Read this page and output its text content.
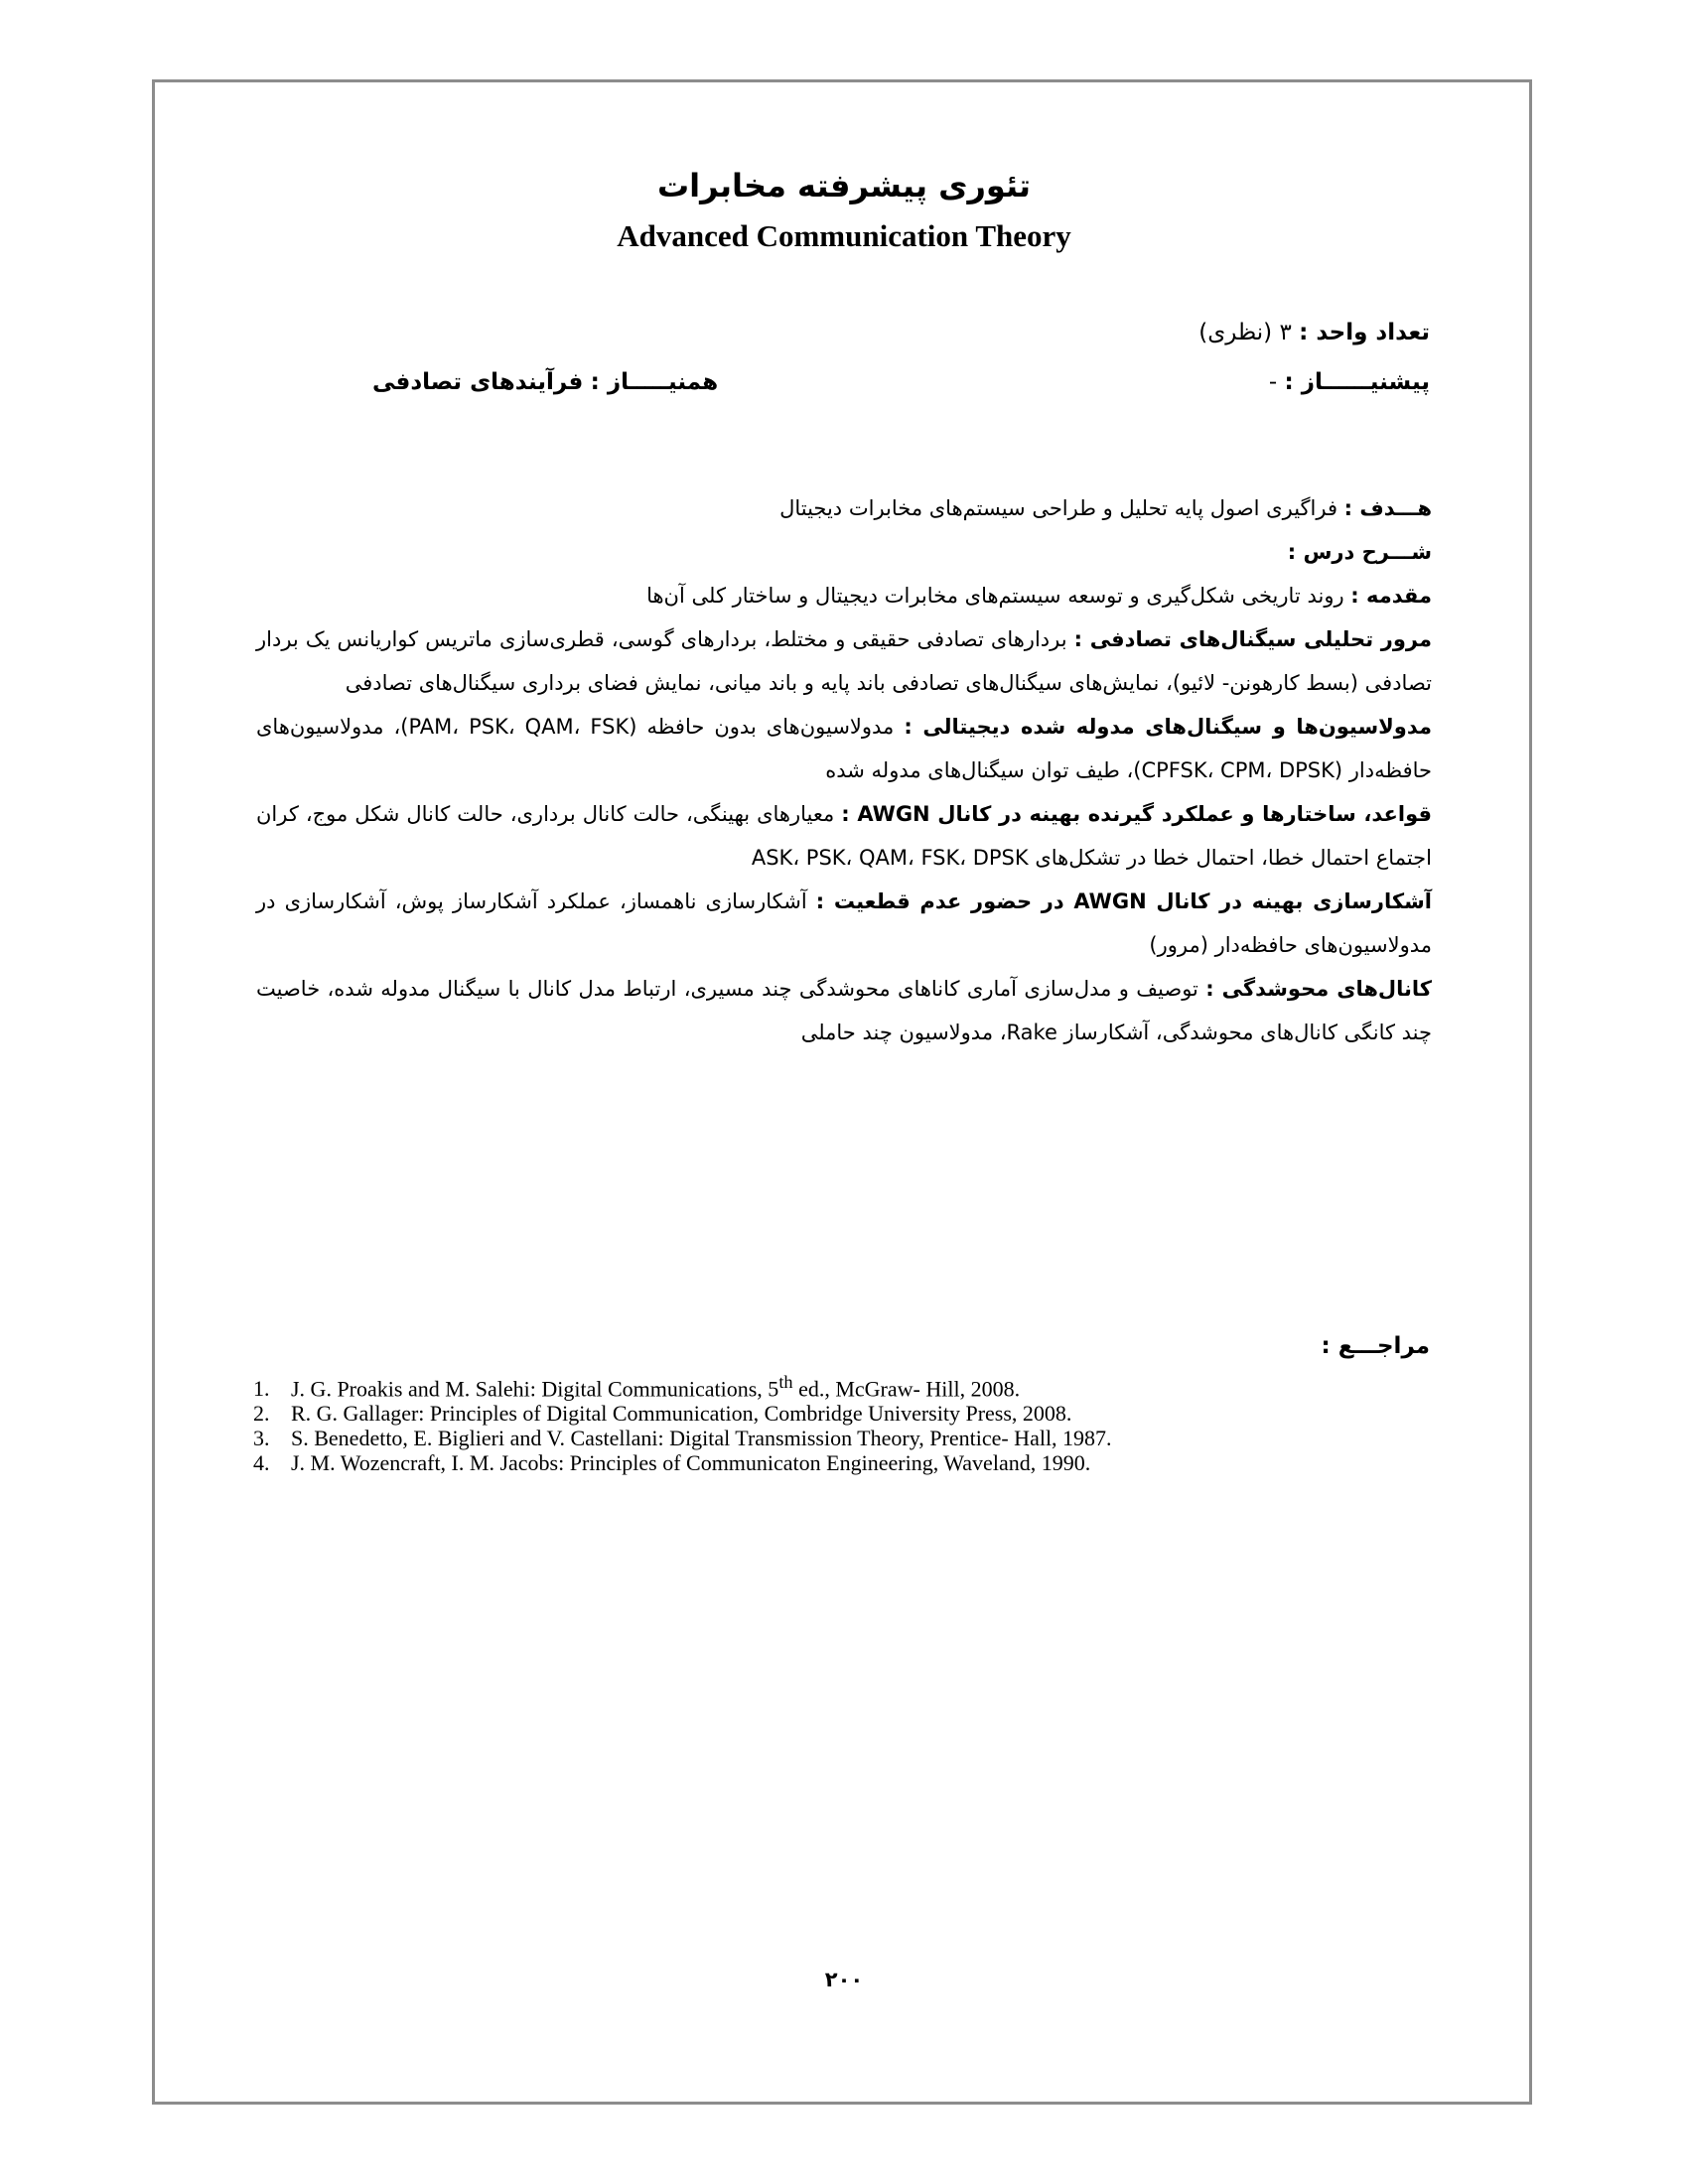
تئوری پیشرفته مخابرات
Advanced Communication Theory
تعداد واحد : ۳ (نظری)
پیشنیــــــاز : -
همنیـــــاز : فرآیندهای تصادفی

هـــدف : فراگیری اصول پایه تحلیل و طراحی سیستم‌های مخابرات دیجیتال

شـــرح درس :

مقدمه : روند تاریخی شکل‌گیری و توسعه سیستم‌های مخابرات دیجیتال و ساختار کلی آن‌ها

مرور تحلیلی سیگنال‌های تصادفی : بردارهای تصادفی حقیقی و مختلط، بردارهای گوسی، قطری‌سازی ماتریس کواریانس یک بردار تصادفی (بسط کارهونن- لائیو)، نمایش‌های سیگنال‌های تصادفی باند پایه و باند میانی، نمایش فضای برداری سیگنال‌های تصادفی

مدولاسیون‌ها و سیگنال‌های مدوله شده دیجیتالی : مدولاسیون‌های بدون حافظه (PAM، PSK، QAM، FSK)، مدولاسیون‌های حافظه‌دار (CPFSK، CPM، DPSK)، طیف توان سیگنال‌های مدوله شده

قواعد، ساختارها و عملکرد گیرنده بهینه در کانال AWGN : معیارهای بهینگی، حالت کانال برداری، حالت کانال شکل موج، کران اجتماع احتمال خطا، احتمال خطا در تشکل‌های ASK، PSK، QAM، FSK، DPSK

آشکارسازی بهینه در کانال AWGN در حضور عدم قطعیت : آشکارسازی ناهمساز، عملکرد آشکارساز پوش، آشکارسازی در مدولاسیون‌های حافظه‌دار (مرور)

کانال‌های محوشدگی : توصیف و مدل‌سازی آماری کاناهای محوشدگی چند مسیری، ارتباط مدل کانال با سیگنال مدوله شده، خاصیت چند کانگی کانال‌های محوشدگی، آشکارساز Rake، مدولاسیون چند حاملی

مراجـــع :
1. J. G. Proakis and M. Salehi: Digital Communications, 5th ed., McGraw- Hill, 2008.
2. R. G. Gallager: Principles of Digital Communication, Combridge University Press, 2008.
3. S. Benedetto, E. Biglieri and V. Castellani: Digital Transmission Theory, Prentice- Hall, 1987.
4. J. M. Wozencraft, I. M. Jacobs: Principles of Communicaton Engineering, Waveland, 1990.
۲۰۰
